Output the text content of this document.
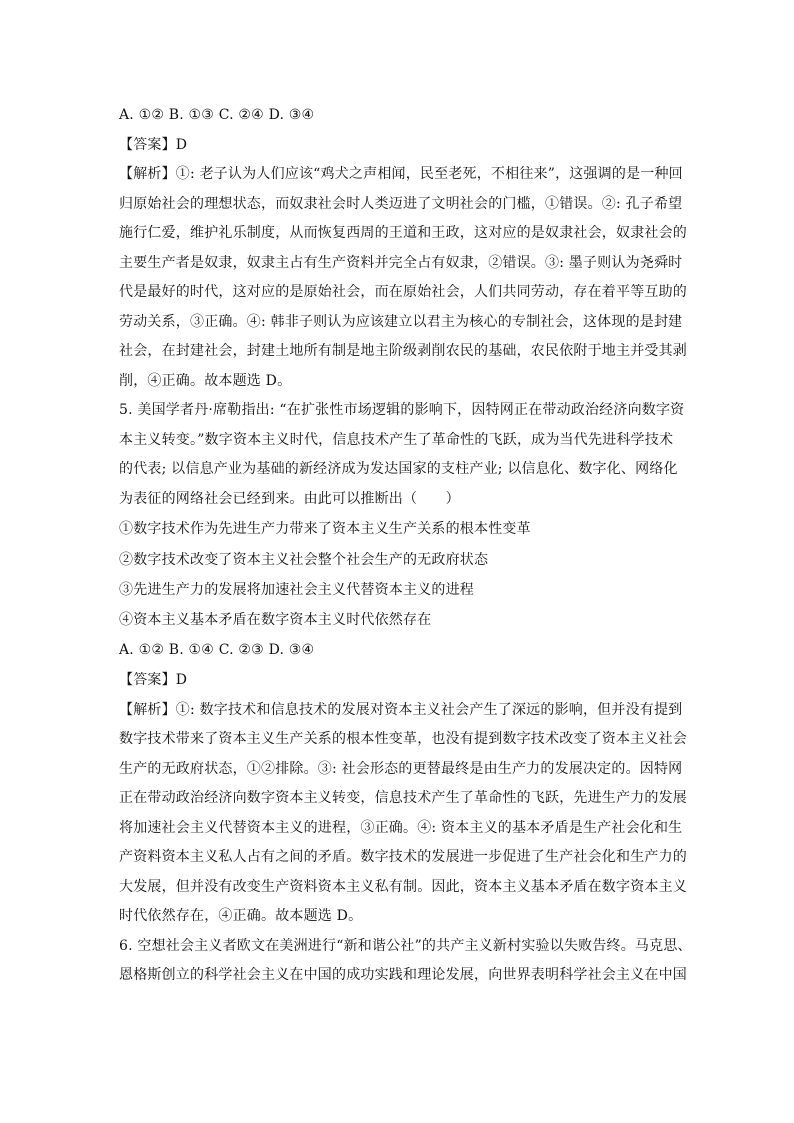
A. ①② B. ①③ C. ②④ D. ③④
【答案】D
【解析】①: 老子认为人们应该“鸡犬之声相闻，民至老死，不相往来”，这强调的是一种回
归原始社会的理想状态，而奴隶社会时人类迈进了文明社会的门槛，①错误。②: 孔子希望
施行仁爱，维护礼乐制度，从而恢复西周的王道和王政，这对应的是奴隶社会，奴隶社会的
主要生产者是奴隶，奴隶主占有生产资料并完全占有奴隶，②错误。③: 墨子则认为尧舜时
代是最好的时代，这对应的是原始社会，而在原始社会，人们共同劳动，存在着平等互助的
劳动关系，③正确。④: 韩非子则认为应该建立以君主为核心的专制社会，这体现的是封建
社会，在封建社会，封建土地所有制是地主阶级剥削农民的基础，农民依附于地主并受其剥
削，④正确。故本题选 D。
5. 美国学者丹·席勒指出: “在扩张性市场逻辑的影响下，因特网正在带动政治经济向数字资
本主义转变。”数字资本主义时代，信息技术产生了革命性的飞跃，成为当代先进科学技术
的代表; 以信息产业为基础的新经济成为发达国家的支柱产业; 以信息化、数字化、网络化
为表征的网络社会已经到来。由此可以推断出（　　）
①数字技术作为先进生产力带来了资本主义生产关系的根本性变革
②数字技术改变了资本主义社会整个社会生产的无政府状态
③先进生产力的发展将加速社会主义代替资本主义的进程
④资本主义基本矛盾在数字资本主义时代依然存在
A. ①② B. ①④ C. ②③ D. ③④
【答案】D
【解析】①: 数字技术和信息技术的发展对资本主义社会产生了深远的影响，但并没有提到
数字技术带来了资本主义生产关系的根本性变革，也没有提到数字技术改变了资本主义社会
生产的无政府状态，①②排除。③: 社会形态的更替最终是由生产力的发展决定的。因特网
正在带动政治经济向数字资本主义转变，信息技术产生了革命性的飞跃，先进生产力的发展
将加速社会主义代替资本主义的进程，③正确。④: 资本主义的基本矛盾是生产社会化和生
产资料资本主义私人占有之间的矛盾。数字技术的发展进一步促进了生产社会化和生产力的
大发展，但并没有改变生产资料资本主义私有制。因此，资本主义基本矛盾在数字资本主义
时代依然存在，④正确。故本题选 D。
6. 空想社会主义者欧文在美洲进行“新和谐公社”的共产主义新村实验以失败告终。马克思、
恩格斯创立的科学社会主义在中国的成功实践和理论发展，向世界表明科学社会主义在中国
